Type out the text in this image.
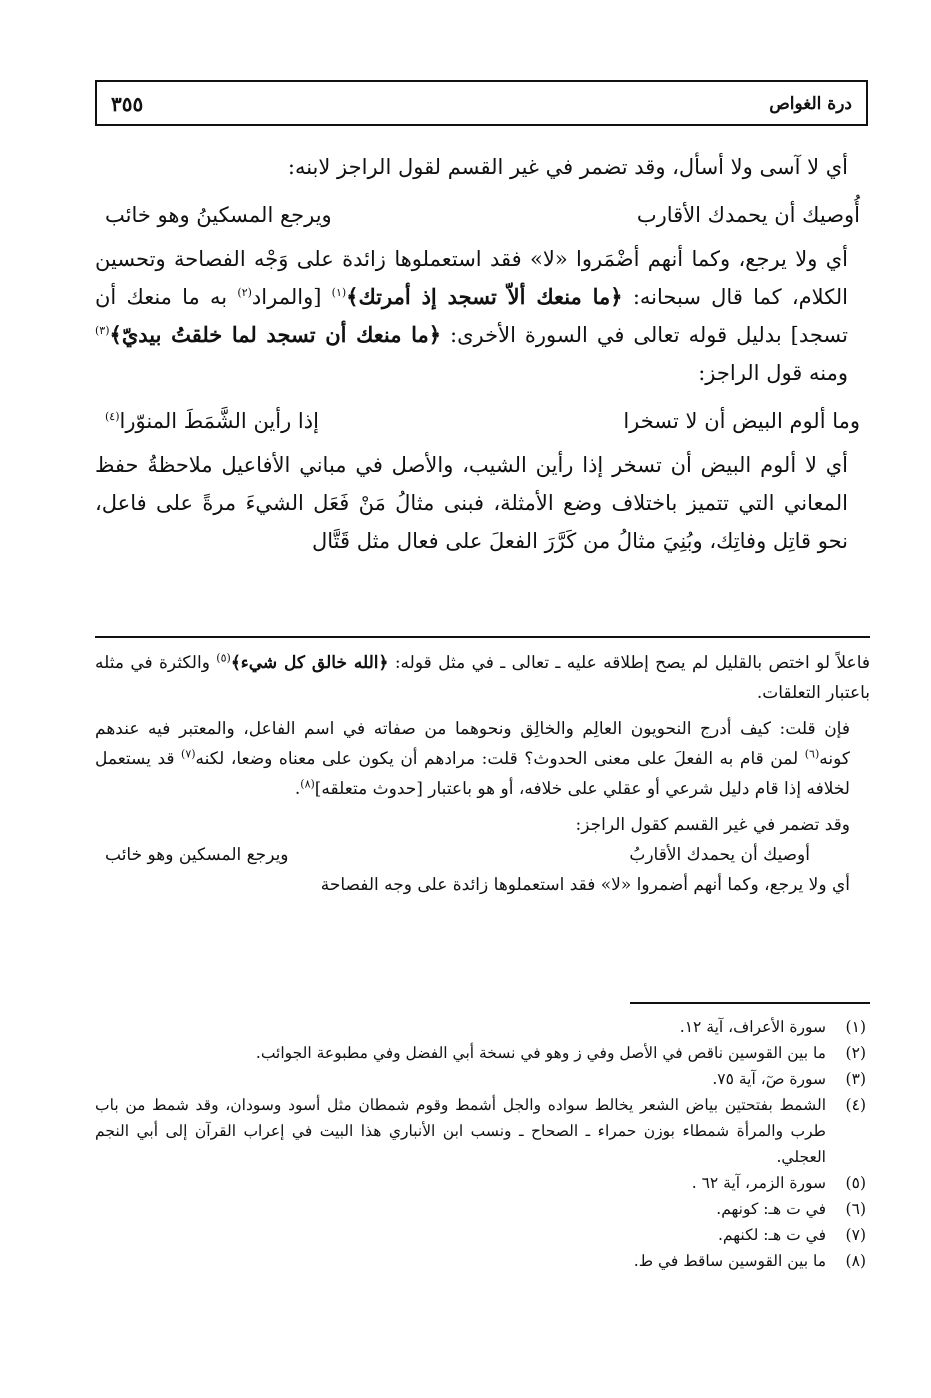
درة الغواص
٣٥٥

أي لا آسى ولا أسأل، وقد تضمر في غير القسم لقول الراجز لابنه:

أُوصيك أن يحمدك الأقارب
ويرجع المسكينُ وهو خائب

أي ولا يرجع، وكما أنهم أضْمَروا «لا» فقد استعملوها زائدة على وَجْه الفصاحة وتحسين الكلام، كما قال سبحانه: ﴿ما منعك ألاّ تسجد إذ أمرتك﴾$^{(١)}$ [والمراد$^{(٢)}$ به ما منعك أن تسجد] بدليل قوله تعالى في السورة الأخرى: ﴿ما منعك أن تسجد لما خلقتُ بيديّ﴾$^{(٣)}$ ومنه قول الراجز:

وما ألوم البيض أن لا تسخرا
إذا رأين الشَّمَطَ المنوّرا$^{(٤)}$

أي لا ألوم البيض أن تسخر إذا رأين الشيب، والأصل في مباني الأفاعيل ملاحظةُ حفظ المعاني التي تتميز باختلاف وضع الأمثلة، فبنى مثالُ مَنْ فَعَل الشيءَ مرةً على فاعل، نحو قاتِل وفاتِك، وبُنِيَ مثالُ من كَرَّرَ الفعلَ على فعال مثل قَتَّال

فاعلاً لو اختص بالقليل لم يصح إطلاقه عليه ـ تعالى ـ في مثل قوله: ﴿الله خالق كل شيء﴾$^{(٥)}$ والكثرة في مثله باعتبار التعلقات.

فإن قلت: كيف أدرج النحويون العالِم والخالِق ونحوهما من صفاته في اسم الفاعل، والمعتبر فيه عندهم كونه$^{(٦)}$ لمن قام به الفعلَ على معنى الحدوث؟ قلت: مرادهم أن يكون على معناه وضعا، لكنه$^{(٧)}$ قد يستعمل لخلافه إذا قام دليل شرعي أو عقلي على خلافه، أو هو باعتبار [حدوث متعلقه]$^{(٨)}$.

وقد تضمر في غير القسم كقول الراجز:

أوصيك أن يحمدك الأقاربُ
ويرجع المسكين وهو خائب

أي ولا يرجع، وكما أنهم أضمروا «لا» فقد استعملوها زائدة على وجه الفصاحة

(١)
سورة الأعراف، آية ١٢.
(٢)
ما بين القوسين ناقص في الأصل وفي ز وهو في نسخة أبي الفضل وفي مطبوعة الجوائب.
(٣)
سورة صٓ، آية ٧٥.
(٤)
الشمط بفتحتين بياض الشعر يخالط سواده والجل أشمط وقوم شمطان مثل أسود وسودان، وقد شمط من باب طرب والمرأة شمطاء بوزن حمراء ـ الصحاح ـ ونسب ابن الأنباري هذا البيت في إعراب القرآن إلى أبي النجم العجلي.
(٥)
سورة الزمر، آية ٦٢ .
(٦)
في ت هـ: كونهم.
(٧)
في ت هـ: لكنهم.
(٨)
ما بين القوسين ساقط في ط.
